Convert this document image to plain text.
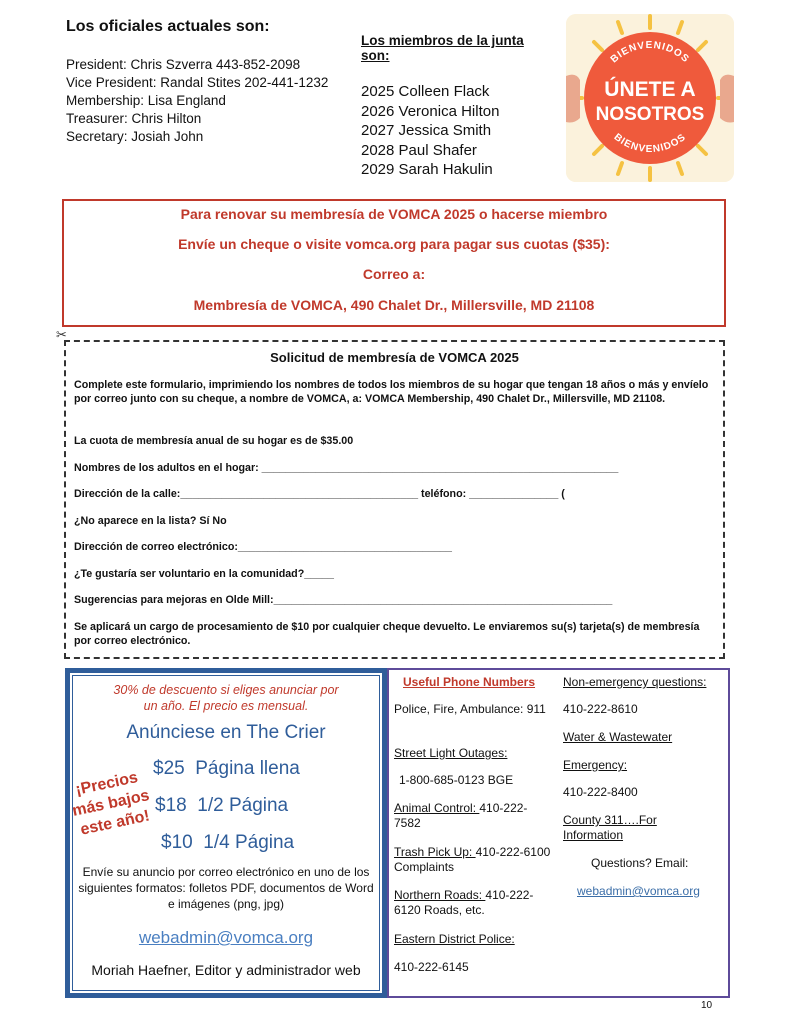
Los oficiales actuales son:
President: Chris Szverra 443-852-2098
Vice President: Randal Stites 202-441-1232
Membership: Lisa England
Treasurer: Chris Hilton
Secretary: Josiah John
Los miembros de la junta son:
2025 Colleen Flack
2026 Veronica Hilton
2027 Jessica Smith
2028 Paul Shafer
2029 Sarah Hakulin
BIENVENIDOS
BIENVENIDOS
ÚNETE A
NOSOTROS
Para renovar su membresía de VOMCA 2025 o hacerse miembro
Envíe un cheque o visite vomca.org para pagar sus cuotas ($35):
Correo a:
Membresía de VOMCA, 490 Chalet Dr., Millersville, MD 21108
✂
Solicitud de membresía de VOMCA 2025
Complete este formulario, imprimiendo los nombres de todos los miembros de su hogar que tengan 18 años o más y envíelo por correo junto con su cheque, a nombre de VOMCA, a: VOMCA Membership, 490 Chalet Dr., Millersville, MD 21108.
La cuota de membresía anual de su hogar es de $35.00
Nombres de los adultos en el hogar: ____________________________________________________________
Dirección de la calle:________________________________________ teléfono: _______________ (
¿No aparece en la lista? Sí No
Dirección de correo electrónico:____________________________________
¿Te gustaría ser voluntario en la comunidad?_____
Sugerencias para mejoras en Olde Mill:_________________________________________________________
Se aplicará un cargo de procesamiento de $10 por cualquier cheque devuelto. Le enviaremos su(s) tarjeta(s) de membresía por correo electrónico.
30% de descuento si eliges anunciar por un año. El precio es mensual.
Anúnciese en The Crier
$25  Página llena
$18  1/2 Página
$10  1/4 Página
¡Precios más bajos este año!
Envíe su anuncio por correo electrónico en uno de los siguientes formatos: folletos PDF, documentos de Word e imágenes (png, jpg)
webadmin@vomca.org
Moriah Haefner, Editor y administrador web
Useful Phone Numbers
Police, Fire, Ambulance: 911
Street Light Outages:
1-800-685-0123 BGE
Animal Control: 410-222-7582
Trash Pick Up: 410-222-6100 Complaints
Northern Roads: 410-222-6120 Roads, etc.
Eastern District Police:
410-222-6145
Non-emergency questions:
410-222-8610
Water & Wastewater
Emergency:
410-222-8400
County 311….For Information
Questions? Email:
webadmin@vomca.org
10
